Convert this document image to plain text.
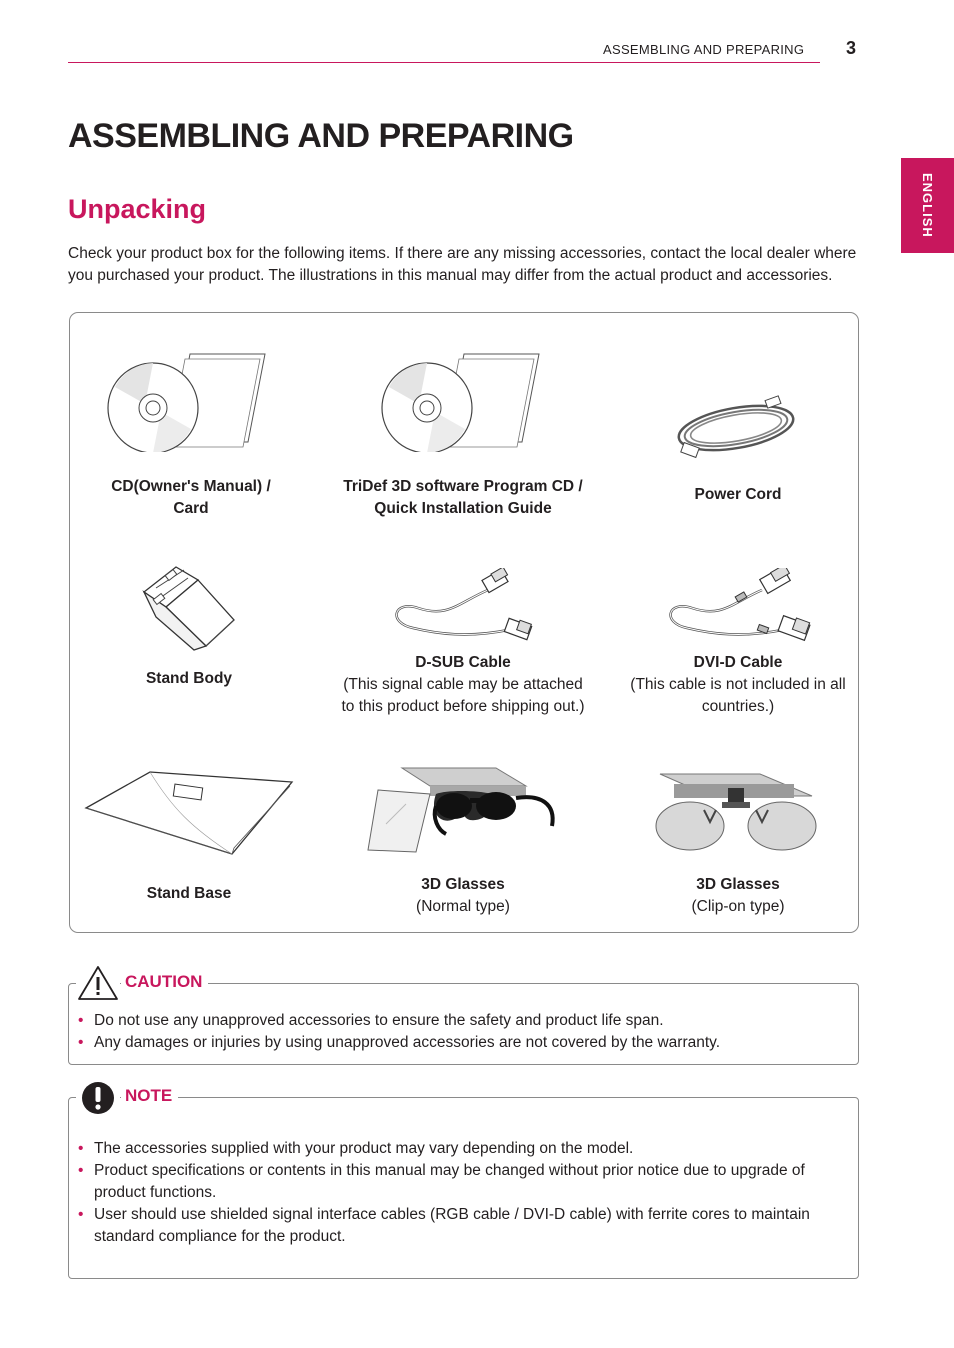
ASSEMBLING AND PREPARING 3
ENGLISH
ASSEMBLING AND PREPARING
Unpacking
Check your product box for the following items. If there are any missing accessories, contact the local dealer where you purchased your product. The illustrations in this manual may differ from the actual product and accessories.
CD(Owner's Manual) /
Card
TriDef 3D software Program CD /
Quick Installation Guide
Power Cord
Stand Body
D-SUB Cable
(This signal cable may be attached
to this product before shipping out.)
DVI-D Cable
(This cable is not included in all
countries.)
Stand Base
3D Glasses
(Normal type)
3D Glasses
(Clip-on type)
CAUTION
• Do not use any unapproved accessories to ensure the safety and product life span.
• Any damages or injuries by using unapproved accessories are not covered by the warranty.
NOTE
• The accessories supplied with your product may vary depending on the model.
• Product specifications or contents in this manual may be changed without prior notice due to upgrade of product functions.
• User should use shielded signal interface cables (RGB cable / DVI-D cable) with ferrite cores to maintain standard compliance for the product.
